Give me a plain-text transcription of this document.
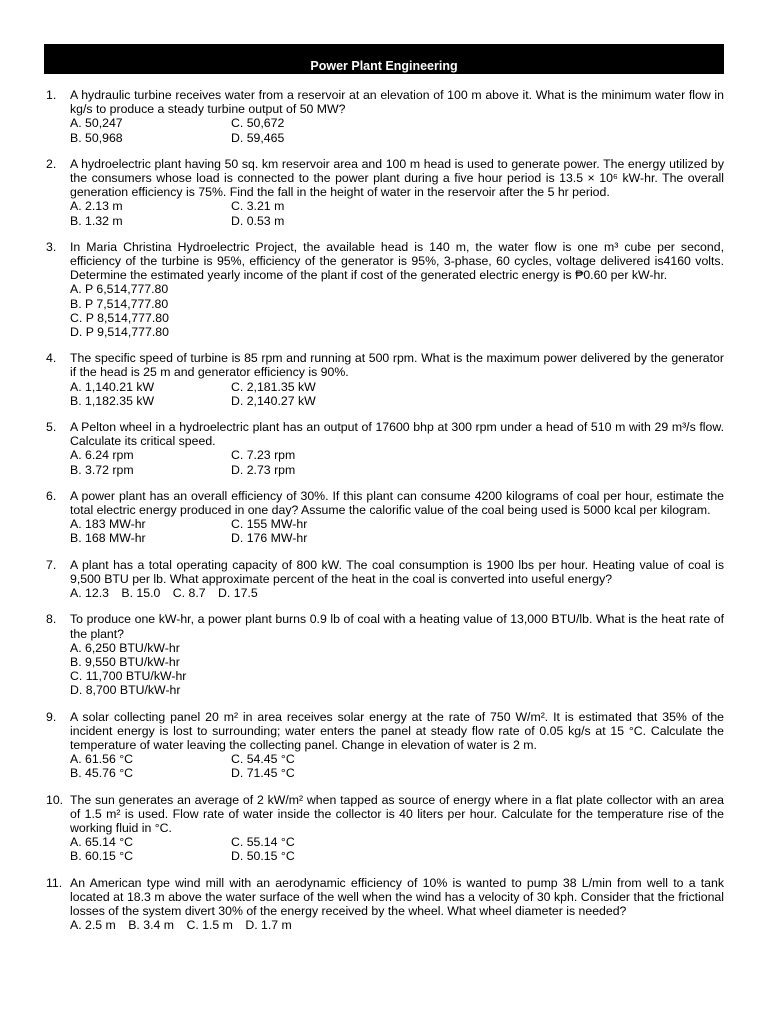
Power Plant Engineering
1. A hydraulic turbine receives water from a reservoir at an elevation of 100 m above it. What is the minimum water flow in kg/s to produce a steady turbine output of 50 MW?
A. 50,247	C. 50,672
B. 50,968	D. 59,465
2. A hydroelectric plant having 50 sq. km reservoir area and 100 m head is used to generate power. The energy utilized by the consumers whose load is connected to the power plant during a five hour period is 13.5 × 10⁶ kW-hr. The overall generation efficiency is 75%. Find the fall in the height of water in the reservoir after the 5 hr period.
A. 2.13 m	C. 3.21 m
B. 1.32 m	D. 0.53 m
3. In Maria Christina Hydroelectric Project, the available head is 140 m, the water flow is one m³ cube per second, efficiency of the turbine is 95%, efficiency of the generator is 95%, 3-phase, 60 cycles, voltage delivered is4160 volts. Determine the estimated yearly income of the plant if cost of the generated electric energy is ₱0.60 per kW-hr.
A. P 6,514,777.80
B. P 7,514,777.80
C. P 8,514,777.80
D. P 9,514,777.80
4. The specific speed of turbine is 85 rpm and running at 500 rpm. What is the maximum power delivered by the generator if the head is 25 m and generator efficiency is 90%.
A. 1,140.21 kW	C. 2,181.35 kW
B. 1,182.35 kW	D. 2,140.27 kW
5. A Pelton wheel in a hydroelectric plant has an output of 17600 bhp at 300 rpm under a head of 510 m with 29 m³/s flow. Calculate its critical speed.
A. 6.24 rpm	C. 7.23 rpm
B. 3.72 rpm	D. 2.73 rpm
6. A power plant has an overall efficiency of 30%. If this plant can consume 4200 kilograms of coal per hour, estimate the total electric energy produced in one day? Assume the calorific value of the coal being used is 5000 kcal per kilogram.
A. 183 MW-hr	C. 155 MW-hr
B. 168 MW-hr	D. 176 MW-hr
7. A plant has a total operating capacity of 800 kW. The coal consumption is 1900 lbs per hour. Heating value of coal is 9,500 BTU per lb. What approximate percent of the heat in the coal is converted into useful energy?
A. 12.3 B. 15.0 C. 8.7 D. 17.5
8. To produce one kW-hr, a power plant burns 0.9 lb of coal with a heating value of 13,000 BTU/lb. What is the heat rate of the plant?
A. 6,250 BTU/kW-hr
B. 9,550 BTU/kW-hr
C. 11,700 BTU/kW-hr
D. 8,700 BTU/kW-hr
9. A solar collecting panel 20 m² in area receives solar energy at the rate of 750 W/m². It is estimated that 35% of the incident energy is lost to surrounding; water enters the panel at steady flow rate of 0.05 kg/s at 15 °C. Calculate the temperature of water leaving the collecting panel. Change in elevation of water is 2 m.
A. 61.56 °C	C. 54.45 °C
B. 45.76 °C	D. 71.45 °C
10. The sun generates an average of 2 kW/m² when tapped as source of energy where in a flat plate collector with an area of 1.5 m² is used. Flow rate of water inside the collector is 40 liters per hour. Calculate for the temperature rise of the working fluid in °C.
A. 65.14 °C	C. 55.14 °C
B. 60.15 °C	D. 50.15 °C
11. An American type wind mill with an aerodynamic efficiency of 10% is wanted to pump 38 L/min from well to a tank located at 18.3 m above the water surface of the well when the wind has a velocity of 30 kph. Consider that the frictional losses of the system divert 30% of the energy received by the wheel. What wheel diameter is needed?
A. 2.5 m B. 3.4 m C. 1.5 m D. 1.7 m
